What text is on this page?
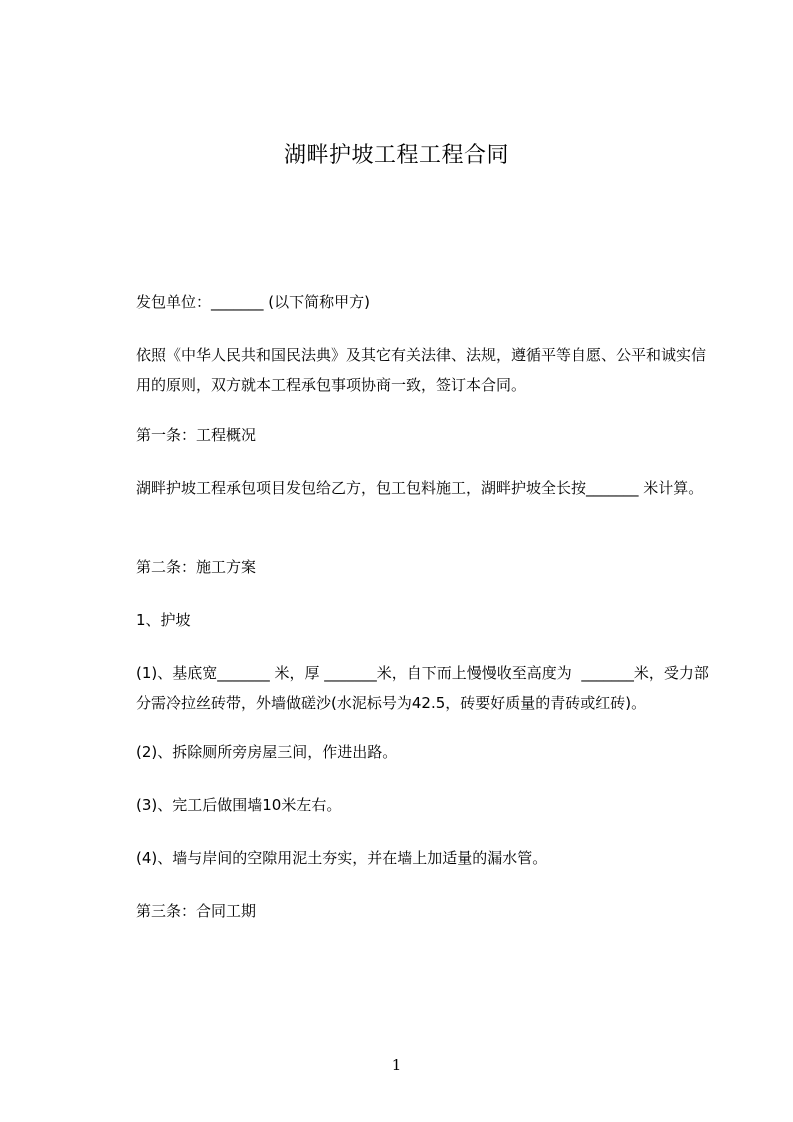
湖畔护坡工程工程合同
发包单位：_______ (以下简称甲方)
依照《中华人民共和国民法典》及其它有关法律、法规，遵循平等自愿、公平和诚实信用的原则，双方就本工程承包事项协商一致，签订本合同。
第一条：工程概况
湖畔护坡工程承包项目发包给乙方，包工包料施工，湖畔护坡全长按_______ 米计算。
第二条：施工方案
1、护坡
(1)、基底宽_______ 米，厚 _______米，自下而上慢慢收至高度为  _______米，受力部分需冷拉丝砖带，外墙做磋沙(水泥标号为42.5，砖要好质量的青砖或红砖)。
(2)、拆除厕所旁房屋三间，作进出路。
(3)、完工后做围墙10米左右。
(4)、墙与岸间的空隙用泥土夯实，并在墙上加适量的漏水管。
第三条：合同工期
1
